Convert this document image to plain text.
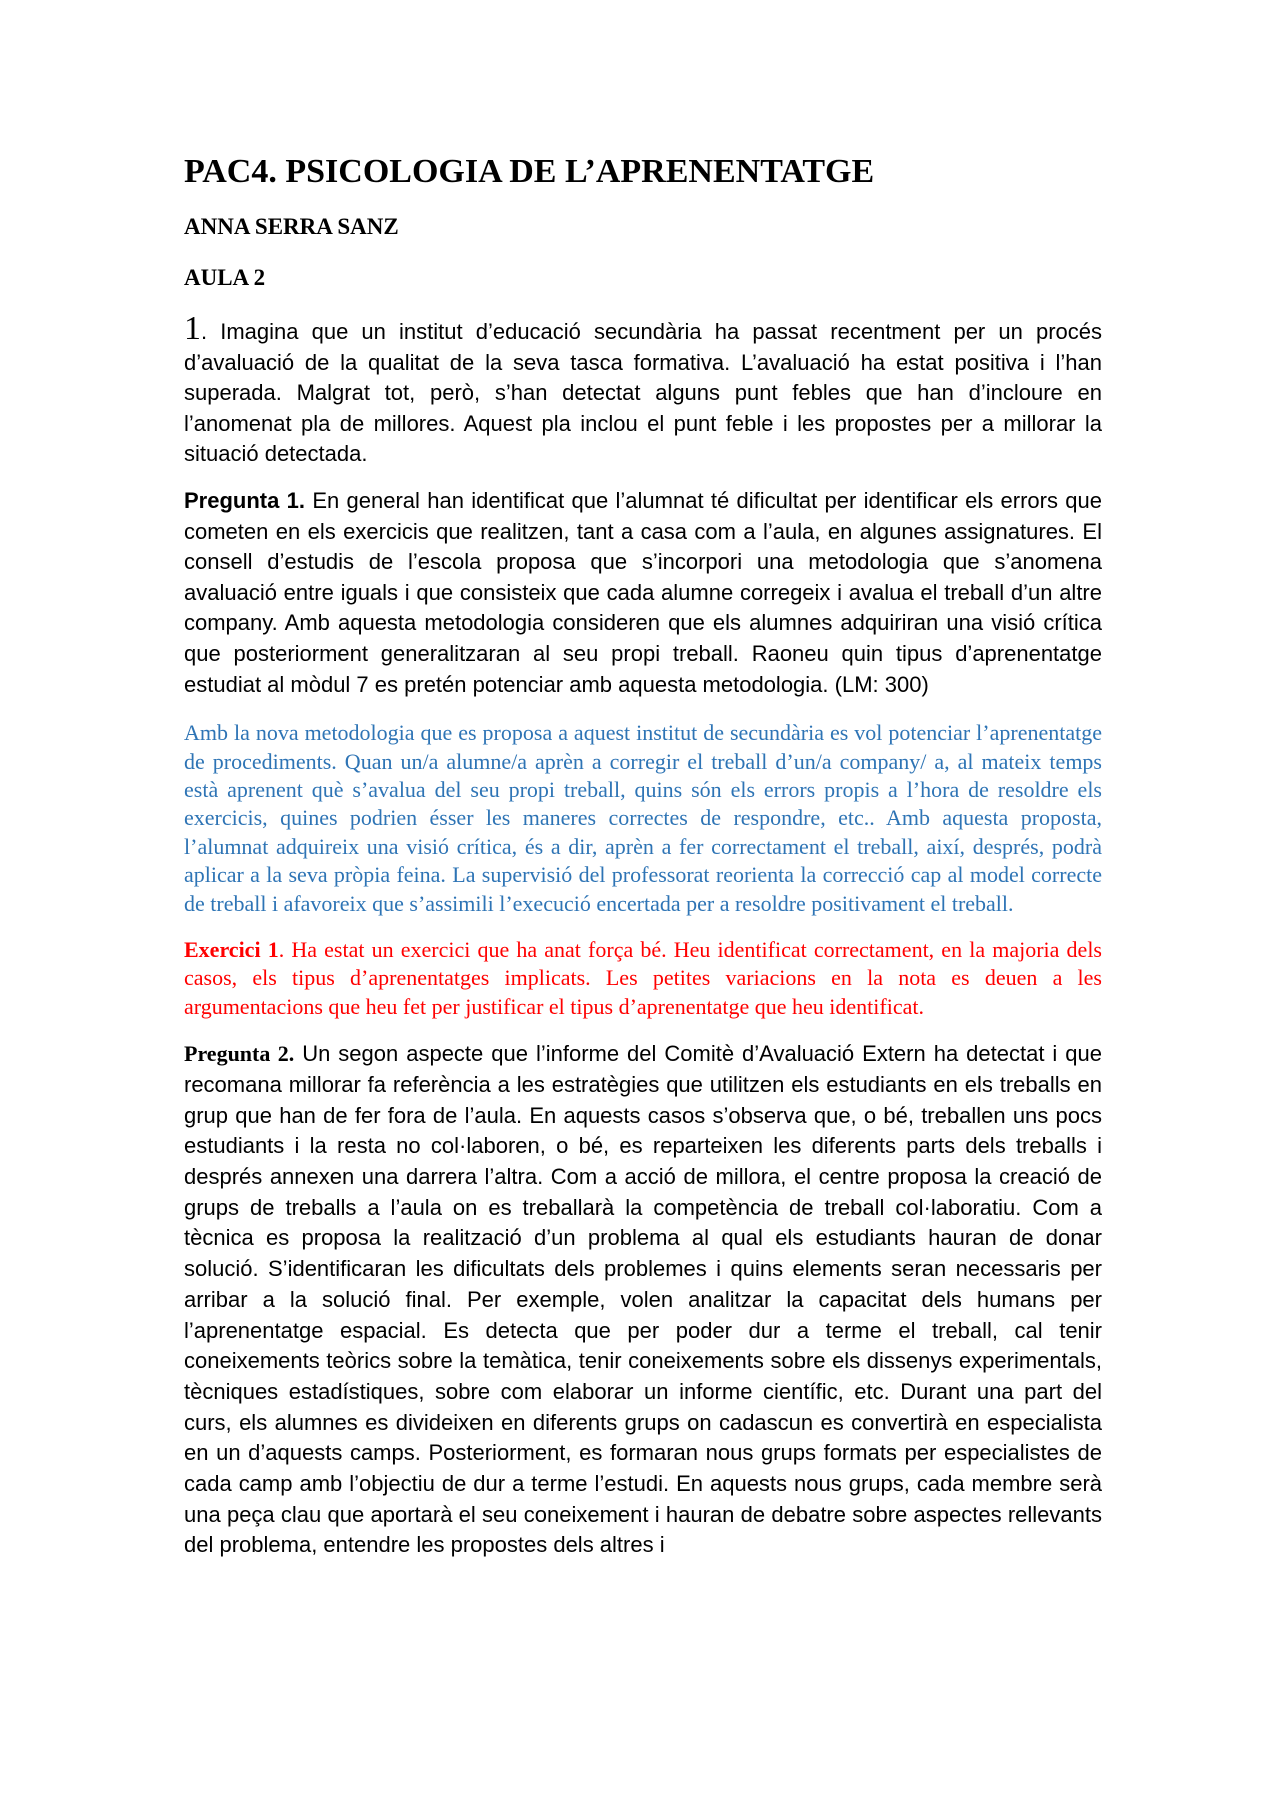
PAC4. PSICOLOGIA DE L’APRENENTATGE
ANNA SERRA SANZ
AULA 2

1. Imagina que un institut d’educació secundària ha passat recentment per un procés d’avaluació de la qualitat de la seva tasca formativa. L’avaluació ha estat positiva i l’han superada. Malgrat tot, però, s’han detectat alguns punt febles que han d’incloure en l’anomenat pla de millores. Aquest pla inclou el punt feble i les propostes per a millorar la situació detectada.

Pregunta 1. En general han identificat que l’alumnat té dificultat per identificar els errors que cometen en els exercicis que realitzen, tant a casa com a l’aula, en algunes assignatures. El consell d’estudis de l’escola proposa que s’incorpori una metodologia que s’anomena avaluació entre iguals i que consisteix que cada alumne corregeix i avalua el treball d’un altre company. Amb aquesta metodologia consideren que els alumnes adquiriran una visió crítica que posteriorment generalitzaran al seu propi treball. Raoneu quin tipus d’aprenentatge estudiat al mòdul 7 es pretén potenciar amb aquesta metodologia. (LM: 300)

Amb la nova metodologia que es proposa a aquest institut de secundària es vol potenciar l’aprenentatge de procediments. Quan un/a alumne/a aprèn a corregir el treball d’un/a company/ a, al mateix temps està aprenent què s’avalua del seu propi treball, quins són els errors propis a l’hora de resoldre els exercicis, quines podrien ésser les maneres correctes de respondre, etc.. Amb aquesta proposta, l’alumnat adquireix una visió crítica, és a dir, aprèn a fer correctament el treball, així, després, podrà aplicar a la seva pròpia feina. La supervisió del professorat reorienta la correcció cap al model correcte de treball i afavoreix que s’assimili l’execució encertada per a resoldre positivament el treball.

Exercici 1. Ha estat un exercici que ha anat força bé. Heu identificat correctament, en la majoria dels casos, els tipus d’aprenentatges implicats. Les petites variacions en la nota es deuen a les argumentacions que heu fet per justificar el tipus d’aprenentatge que heu identificat.

Pregunta 2. Un segon aspecte que l’informe del Comitè d’Avaluació Extern ha detectat i que recomana millorar fa referència a les estratègies que utilitzen els estudiants en els treballs en grup que han de fer fora de l’aula. En aquests casos s’observa que, o bé, treballen uns pocs estudiants i la resta no col·laboren, o bé, es reparteixen les diferents parts dels treballs i després annexen una darrera l’altra. Com a acció de millora, el centre proposa la creació de grups de treballs a l’aula on es treballarà la competència de treball col·laboratiu. Com a tècnica es proposa la realització d’un problema al qual els estudiants hauran de donar solució. S’identificaran les dificultats dels problemes i quins elements seran necessaris per arribar a la solució final. Per exemple, volen analitzar la capacitat dels humans per l’aprenentatge espacial. Es detecta que per poder dur a terme el treball, cal tenir coneixements teòrics sobre la temàtica, tenir coneixements sobre els dissenys experimentals, tècniques estadístiques, sobre com elaborar un informe científic, etc. Durant una part del curs, els alumnes es divideixen en diferents grups on cadascun es convertirà en especialista en un d’aquests camps. Posteriorment, es formaran nous grups formats per especialistes de cada camp amb l’objectiu de dur a terme l’estudi. En aquests nous grups, cada membre serà una peça clau que aportarà el seu coneixement i hauran de debatre sobre aspectes rellevants del problema, entendre les propostes dels altres i
